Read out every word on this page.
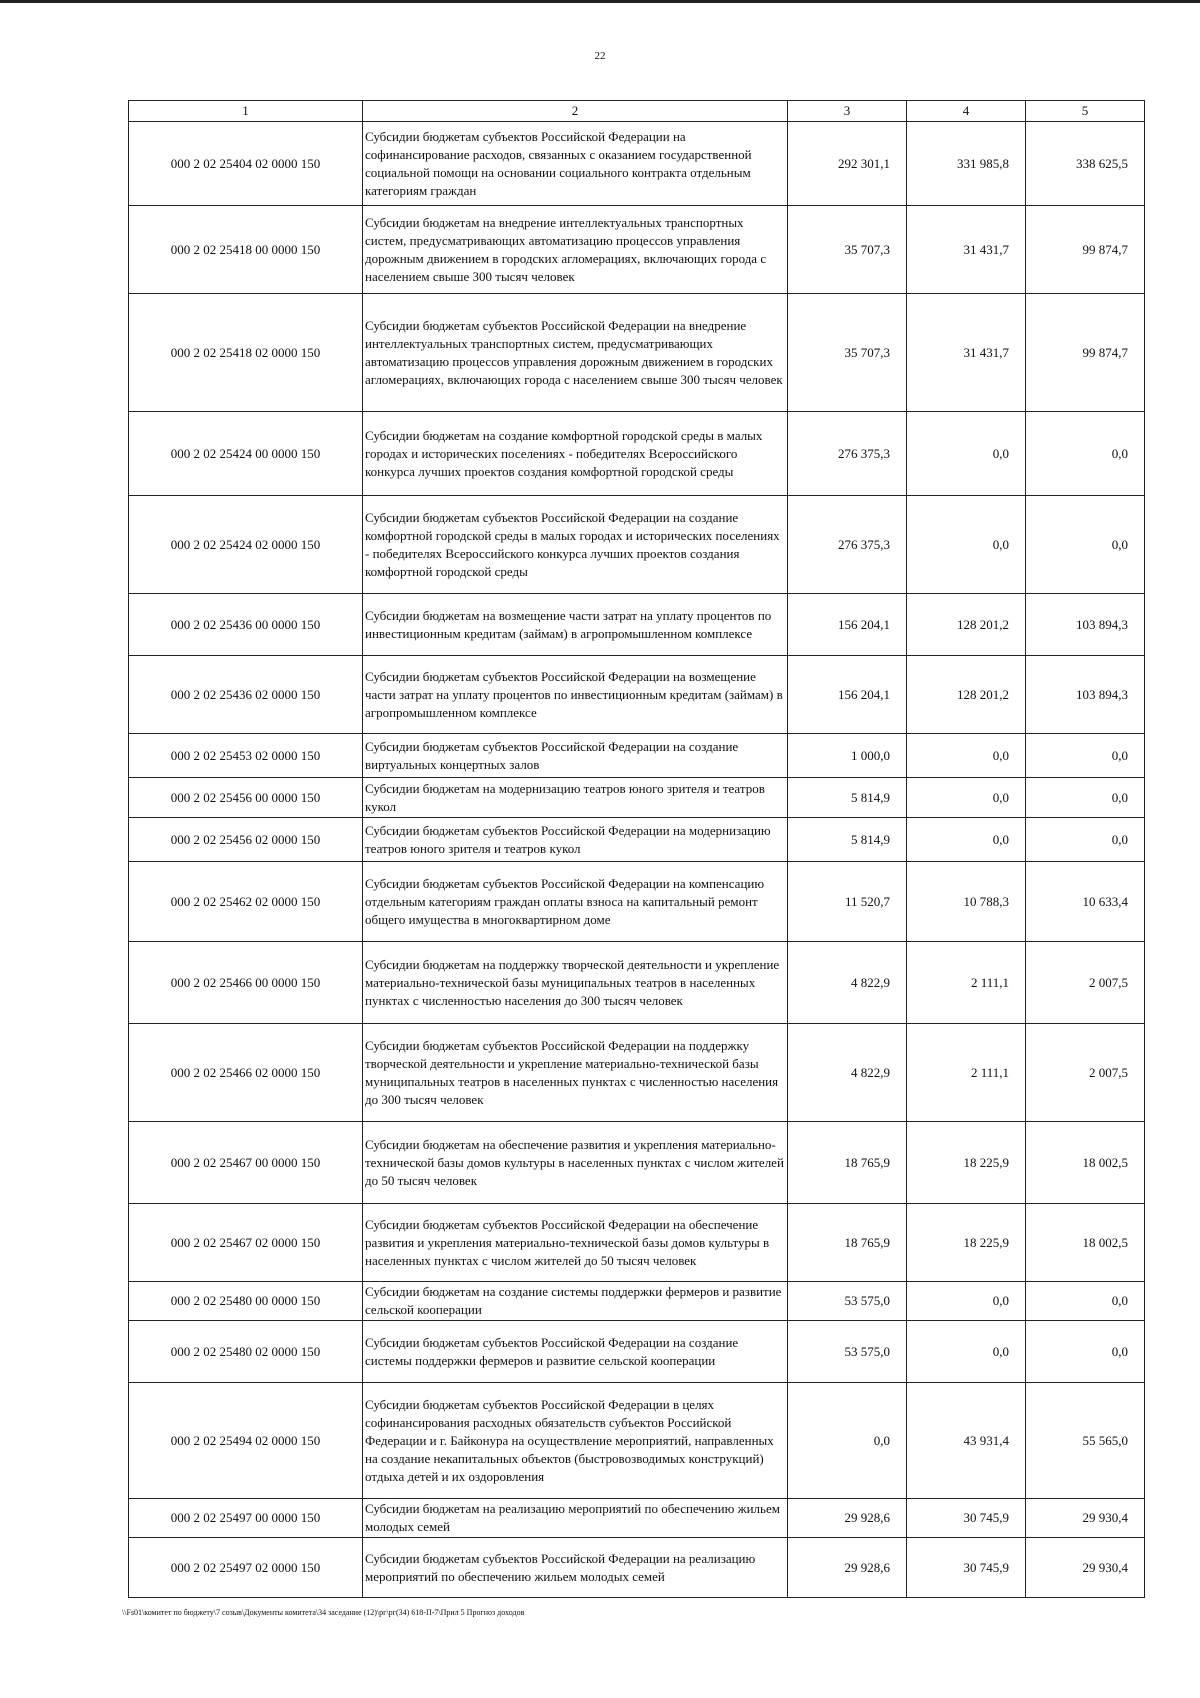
22
1	2	3	4	5
000 2 02 25404 02 0000 150	Субсидии бюджетам субъектов Российской Федерации на софинансирование расходов, связанных с оказанием государственной социальной помощи на основании социального контракта отдельным категориям граждан	292 301,1	331 985,8	338 625,5
000 2 02 25418 00 0000 150	Субсидии бюджетам на внедрение интеллектуальных транспортных систем, предусматривающих автоматизацию процессов управления дорожным движением в городских агломерациях, включающих города с населением свыше 300 тысяч человек	35 707,3	31 431,7	99 874,7
000 2 02 25418 02 0000 150	Субсидии бюджетам субъектов Российской Федерации на внедрение интеллектуальных транспортных систем, предусматривающих автоматизацию процессов управления дорожным движением в городских агломерациях, включающих города с населением свыше 300 тысяч человек	35 707,3	31 431,7	99 874,7
000 2 02 25424 00 0000 150	Субсидии бюджетам на создание комфортной городской среды в малых городах и исторических поселениях - победителях Всероссийского конкурса лучших проектов создания комфортной городской среды	276 375,3	0,0	0,0
000 2 02 25424 02 0000 150	Субсидии бюджетам субъектов Российской Федерации на создание комфортной городской среды в малых городах и исторических поселениях - победителях Всероссийского конкурса лучших проектов создания комфортной городской среды	276 375,3	0,0	0,0
000 2 02 25436 00 0000 150	Субсидии бюджетам на возмещение части затрат на уплату процентов по инвестиционным кредитам (займам) в агропромышленном комплексе	156 204,1	128 201,2	103 894,3
000 2 02 25436 02 0000 150	Субсидии бюджетам субъектов Российской Федерации на возмещение части затрат на уплату процентов по инвестиционным кредитам (займам) в агропромышленном комплексе	156 204,1	128 201,2	103 894,3
000 2 02 25453 02 0000 150	Субсидии бюджетам субъектов Российской Федерации на создание виртуальных концертных залов	1 000,0	0,0	0,0
000 2 02 25456 00 0000 150	Субсидии бюджетам на модернизацию театров юного зрителя и театров кукол	5 814,9	0,0	0,0
000 2 02 25456 02 0000 150	Субсидии бюджетам субъектов Российской Федерации на модернизацию театров юного зрителя и театров кукол	5 814,9	0,0	0,0
000 2 02 25462 02 0000 150	Субсидии бюджетам субъектов Российской Федерации на компенсацию отдельным категориям граждан оплаты взноса на капитальный ремонт общего имущества в многоквартирном доме	11 520,7	10 788,3	10 633,4
000 2 02 25466 00 0000 150	Субсидии бюджетам на поддержку творческой деятельности и укрепление материально-технической базы муниципальных театров в населенных пунктах с численностью населения до 300 тысяч человек	4 822,9	2 111,1	2 007,5
000 2 02 25466 02 0000 150	Субсидии бюджетам субъектов Российской Федерации на поддержку творческой деятельности и укрепление материально-технической базы муниципальных театров в населенных пунктах с численностью населения до 300 тысяч человек	4 822,9	2 111,1	2 007,5
000 2 02 25467 00 0000 150	Субсидии бюджетам на обеспечение развития и укрепления материально-технической базы домов культуры в населенных пунктах с числом жителей до 50 тысяч человек	18 765,9	18 225,9	18 002,5
000 2 02 25467 02 0000 150	Субсидии бюджетам субъектов Российской Федерации на обеспечение развития и укрепления материально-технической базы домов культуры в населенных пунктах с числом жителей до 50 тысяч человек	18 765,9	18 225,9	18 002,5
000 2 02 25480 00 0000 150	Субсидии бюджетам на создание системы поддержки фермеров и развитие сельской кооперации	53 575,0	0,0	0,0
000 2 02 25480 02 0000 150	Субсидии бюджетам субъектов Российской Федерации на создание системы поддержки фермеров и развитие сельской кооперации	53 575,0	0,0	0,0
000 2 02 25494 02 0000 150	Субсидии бюджетам субъектов Российской Федерации в целях софинансирования расходных обязательств субъектов Российской Федерации и г. Байконура на осуществление мероприятий, направленных на создание некапитальных объектов (быстровозводимых конструкций) отдыха детей и их оздоровления	0,0	43 931,4	55 565,0
000 2 02 25497 00 0000 150	Субсидии бюджетам на реализацию мероприятий по обеспечению жильем молодых семей	29 928,6	30 745,9	29 930,4
000 2 02 25497 02 0000 150	Субсидии бюджетам субъектов Российской Федерации на реализацию мероприятий по обеспечению жильем молодых семей	29 928,6	30 745,9	29 930,4
\\Fs01\комитет по бюджету\7 созыв\Документы комитета\34 заседание (12)\рг\рг(34) 618-П-7\Прил 5 Прогноз доходов
